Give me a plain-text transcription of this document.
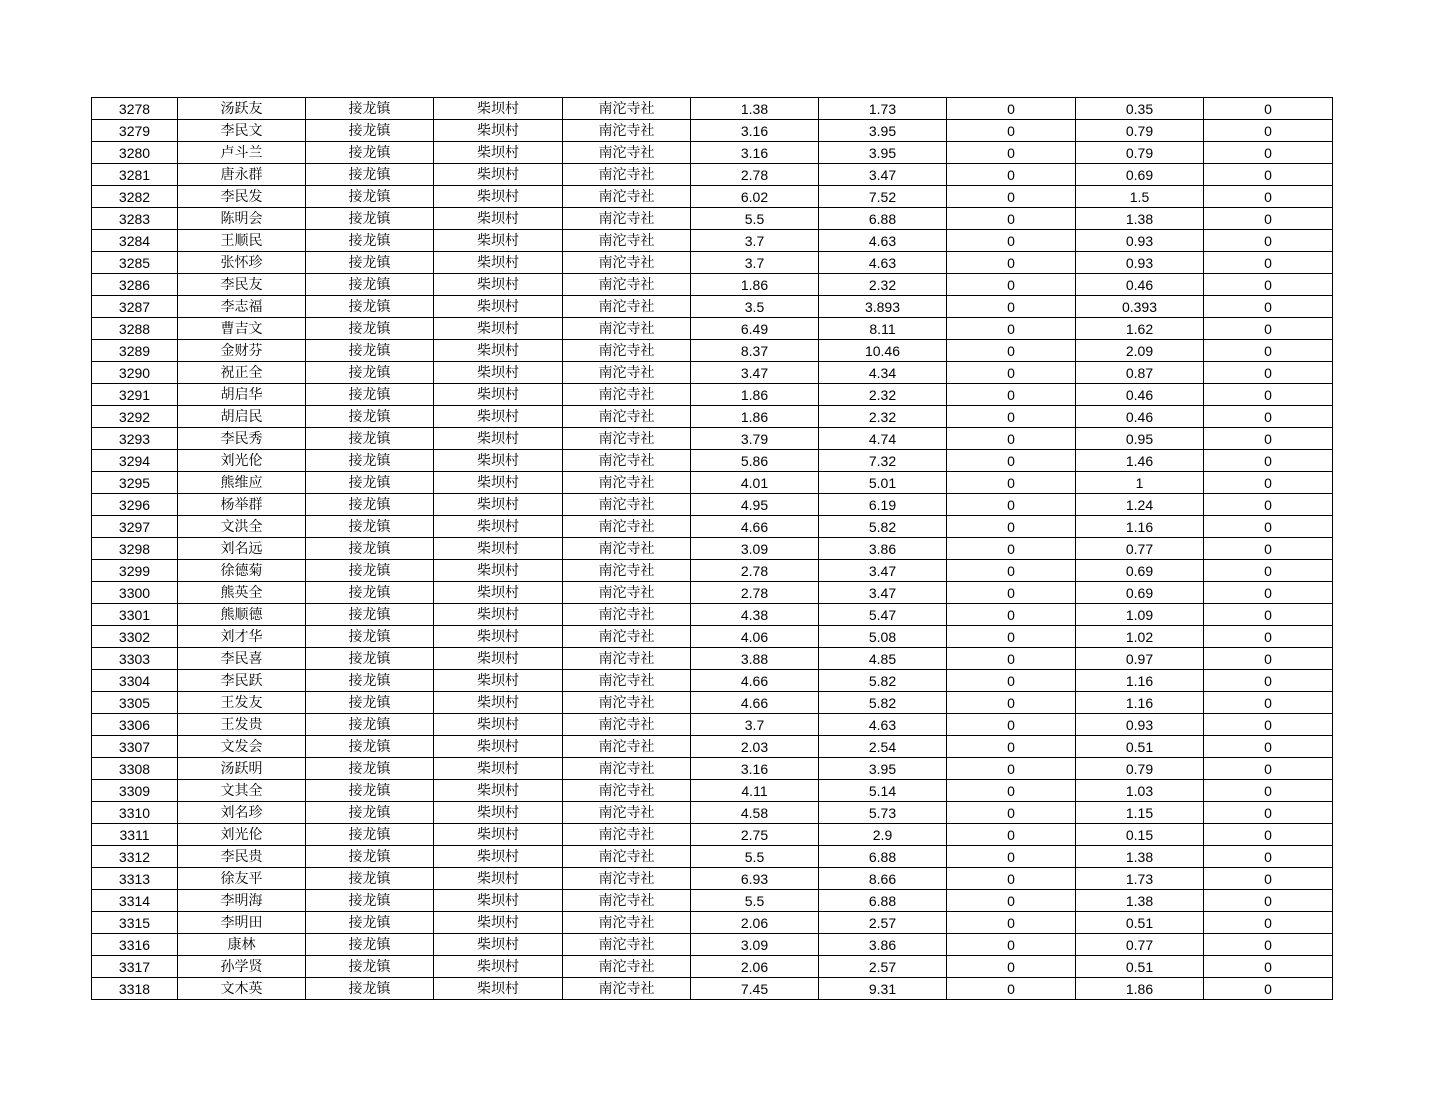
3278	汤跃友	接龙镇	柴坝村	南沱寺社	1.38	1.73	0	0.35	0
3279	李民文	接龙镇	柴坝村	南沱寺社	3.16	3.95	0	0.79	0
3280	卢斗兰	接龙镇	柴坝村	南沱寺社	3.16	3.95	0	0.79	0
3281	唐永群	接龙镇	柴坝村	南沱寺社	2.78	3.47	0	0.69	0
3282	李民发	接龙镇	柴坝村	南沱寺社	6.02	7.52	0	1.5	0
3283	陈明会	接龙镇	柴坝村	南沱寺社	5.5	6.88	0	1.38	0
3284	王顺民	接龙镇	柴坝村	南沱寺社	3.7	4.63	0	0.93	0
3285	张怀珍	接龙镇	柴坝村	南沱寺社	3.7	4.63	0	0.93	0
3286	李民友	接龙镇	柴坝村	南沱寺社	1.86	2.32	0	0.46	0
3287	李志福	接龙镇	柴坝村	南沱寺社	3.5	3.893	0	0.393	0
3288	曹吉文	接龙镇	柴坝村	南沱寺社	6.49	8.11	0	1.62	0
3289	金财芬	接龙镇	柴坝村	南沱寺社	8.37	10.46	0	2.09	0
3290	祝正全	接龙镇	柴坝村	南沱寺社	3.47	4.34	0	0.87	0
3291	胡启华	接龙镇	柴坝村	南沱寺社	1.86	2.32	0	0.46	0
3292	胡启民	接龙镇	柴坝村	南沱寺社	1.86	2.32	0	0.46	0
3293	李民秀	接龙镇	柴坝村	南沱寺社	3.79	4.74	0	0.95	0
3294	刘光伦	接龙镇	柴坝村	南沱寺社	5.86	7.32	0	1.46	0
3295	熊维应	接龙镇	柴坝村	南沱寺社	4.01	5.01	0	1	0
3296	杨举群	接龙镇	柴坝村	南沱寺社	4.95	6.19	0	1.24	0
3297	文洪全	接龙镇	柴坝村	南沱寺社	4.66	5.82	0	1.16	0
3298	刘名远	接龙镇	柴坝村	南沱寺社	3.09	3.86	0	0.77	0
3299	徐德菊	接龙镇	柴坝村	南沱寺社	2.78	3.47	0	0.69	0
3300	熊英全	接龙镇	柴坝村	南沱寺社	2.78	3.47	0	0.69	0
3301	熊顺德	接龙镇	柴坝村	南沱寺社	4.38	5.47	0	1.09	0
3302	刘才华	接龙镇	柴坝村	南沱寺社	4.06	5.08	0	1.02	0
3303	李民喜	接龙镇	柴坝村	南沱寺社	3.88	4.85	0	0.97	0
3304	李民跃	接龙镇	柴坝村	南沱寺社	4.66	5.82	0	1.16	0
3305	王发友	接龙镇	柴坝村	南沱寺社	4.66	5.82	0	1.16	0
3306	王发贵	接龙镇	柴坝村	南沱寺社	3.7	4.63	0	0.93	0
3307	文发会	接龙镇	柴坝村	南沱寺社	2.03	2.54	0	0.51	0
3308	汤跃明	接龙镇	柴坝村	南沱寺社	3.16	3.95	0	0.79	0
3309	文其全	接龙镇	柴坝村	南沱寺社	4.11	5.14	0	1.03	0
3310	刘名珍	接龙镇	柴坝村	南沱寺社	4.58	5.73	0	1.15	0
3311	刘光伦	接龙镇	柴坝村	南沱寺社	2.75	2.9	0	0.15	0
3312	李民贵	接龙镇	柴坝村	南沱寺社	5.5	6.88	0	1.38	0
3313	徐友平	接龙镇	柴坝村	南沱寺社	6.93	8.66	0	1.73	0
3314	李明海	接龙镇	柴坝村	南沱寺社	5.5	6.88	0	1.38	0
3315	李明田	接龙镇	柴坝村	南沱寺社	2.06	2.57	0	0.51	0
3316	康林	接龙镇	柴坝村	南沱寺社	3.09	3.86	0	0.77	0
3317	孙学贤	接龙镇	柴坝村	南沱寺社	2.06	2.57	0	0.51	0
3318	文木英	接龙镇	柴坝村	南沱寺社	7.45	9.31	0	1.86	0
